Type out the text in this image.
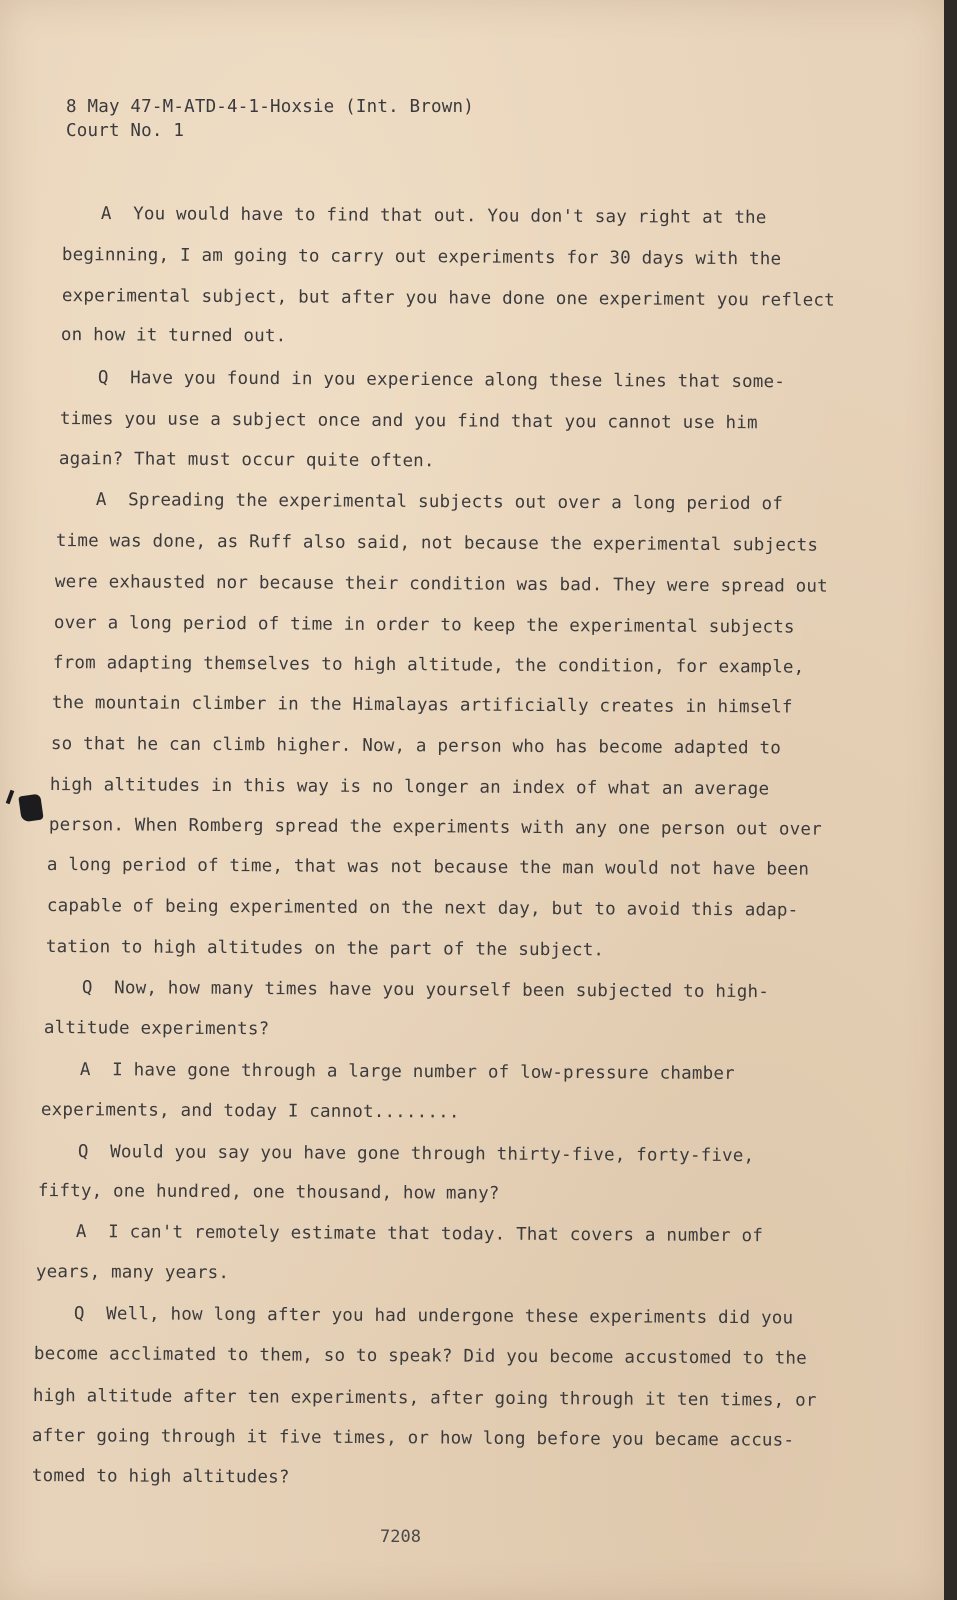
8 May 47-M-ATD-4-1-Hoxsie (Int. Brown)
Court No. 1
A  You would have to find that out. You don't say right at the
beginning, I am going to carry out experiments for 30 days with the
experimental subject, but after you have done one experiment you reflect
on how it turned out.
Q  Have you found in you experience along these lines that some-
times you use a subject once and you find that you cannot use him
again? That must occur quite often.
A  Spreading the experimental subjects out over a long period of
time was done, as Ruff also said, not because the experimental subjects
were exhausted nor because their condition was bad. They were spread out
over a long period of time in order to keep the experimental subjects
from adapting themselves to high altitude, the condition, for example,
the mountain climber in the Himalayas artificially creates in himself
so that he can climb higher. Now, a person who has become adapted to
high altitudes in this way is no longer an index of what an average
person. When Romberg spread the experiments with any one person out over
a long period of time, that was not because the man would not have been
capable of being experimented on the next day, but to avoid this adap-
tation to high altitudes on the part of the subject.
Q  Now, how many times have you yourself been subjected to high-
altitude experiments?
A  I have gone through a large number of low-pressure chamber
experiments, and today I cannot........
Q  Would you say you have gone through thirty-five, forty-five,
fifty, one hundred, one thousand, how many?
A  I can't remotely estimate that today. That covers a number of
years, many years.
Q  Well, how long after you had undergone these experiments did you
become acclimated to them, so to speak? Did you become accustomed to the
high altitude after ten experiments, after going through it ten times, or
after going through it five times, or how long before you became accus-
tomed to high altitudes?
7208
